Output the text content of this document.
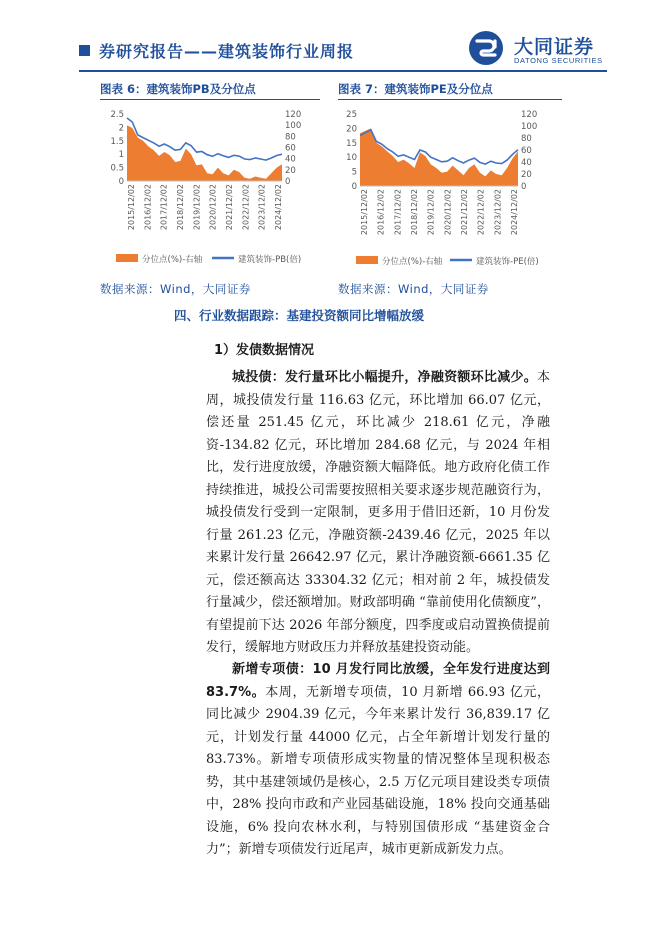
券研究报告——建筑装饰行业周报	大同证券
DATONG SECURITIES
图表 6：建筑装饰PB及分位点
2.5
2
1.5
1
0.5
0
120
100
80
60
40
20
0
2015/12/02 2016/12/02 2017/12/02 2018/12/02 2019/12/02 2020/12/02 2021/12/02 2022/12/02 2023/12/02 2024/12/02
分位点(%)-右轴	建筑装饰-PB(倍)
数据来源：Wind，大同证券
图表 7：建筑装饰PE及分位点
25
20
15
10
5
0
120
100
80
60
40
20
0
2015/12/02 2016/12/02 2017/12/02 2018/12/02 2019/12/02 2020/12/02 2021/12/02 2022/12/02 2023/12/02 2024/12/02
分位点(%)-右轴	建筑装饰-PE(倍)
数据来源：Wind，大同证券
四、行业数据跟踪：基建投资额同比增幅放缓
1）发债数据情况
城投债：发行量环比小幅提升，净融资额环比减少。本周，城投债发行量 116.63 亿元，环比增加 66.07 亿元，偿还量 251.45 亿元，环比减少 218.61 亿元，净融资-134.82 亿元，环比增加 284.68 亿元，与 2024 年相比，发行进度放缓，净融资额大幅降低。地方政府化债工作持续推进，城投公司需要按照相关要求逐步规范融资行为，城投债发行受到一定限制，更多用于借旧还新，10 月份发行量 261.23 亿元，净融资额-2439.46 亿元，2025 年以来累计发行量 26642.97 亿元，累计净融资额-6661.35 亿元，偿还额高达 33304.32 亿元；相对前 2 年，城投债发行量减少，偿还额增加。财政部明确 “靠前使用化债额度”，有望提前下达 2026 年部分额度，四季度或启动置换债提前发行，缓解地方财政压力并释放基建投资动能。
新增专项债：10 月发行同比放缓，全年发行进度达到 83.7%。本周，无新增专项债，10 月新增 66.93 亿元，同比减少 2904.39 亿元，今年来累计发行 36,839.17 亿元，计划发行量 44000 亿元，占全年新增计划发行量的 83.73%。新增专项债形成实物量的情况整体呈现积极态势，其中基建领域仍是核心，2.5 万亿元项目建设类专项债中，28% 投向市政和产业园基础设施，18% 投向交通基础设施，6% 投向农林水利，与特别国债形成 “基建资金合力”；新增专项债发行近尾声，城市更新成新发力点。
